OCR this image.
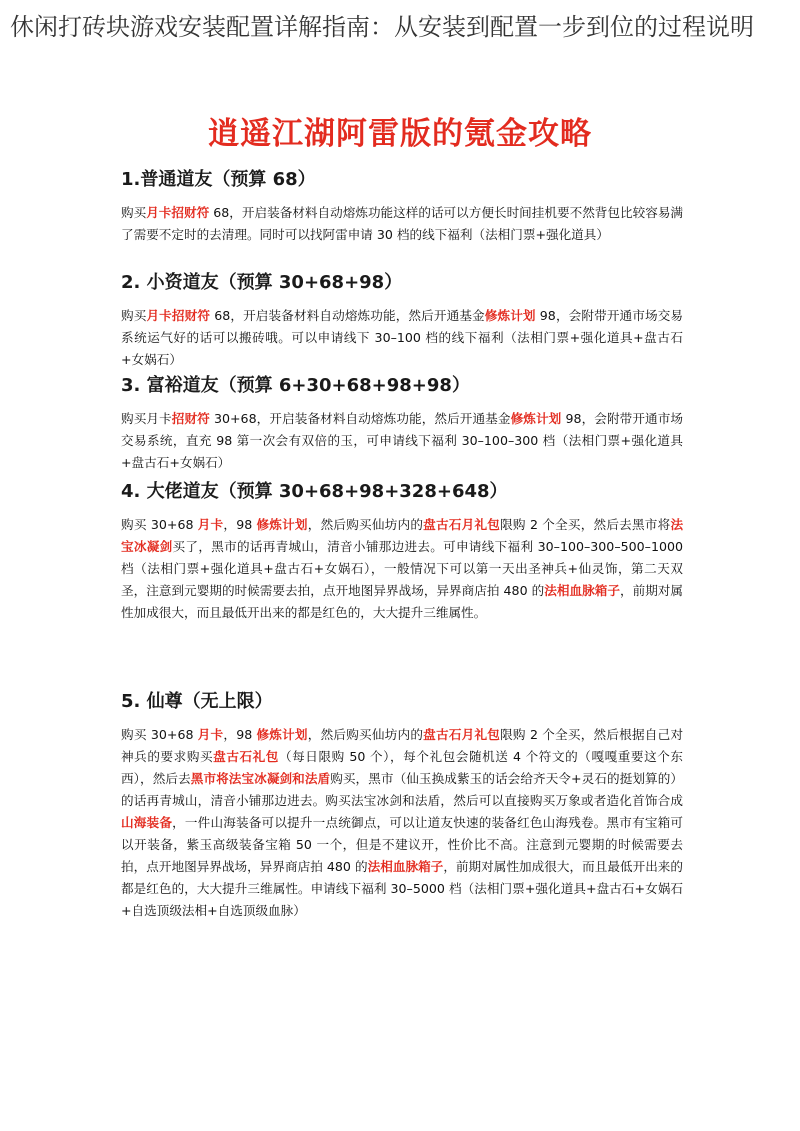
休闲打砖块游戏安装配置详解指南：从安装到配置一步到位的过程说明
逍遥江湖阿雷版的氪金攻略
1.普通道友（预算 68）

购买月卡招财符 68，开启装备材料自动熔炼功能这样的话可以方便长时间挂机要不然背包比较容易满了需要不定时的去清理。同时可以找阿雷申请 30 档的线下福利（法相门票+强化道具）

2. 小资道友（预算 30+68+98）

购买月卡招财符 68，开启装备材料自动熔炼功能，然后开通基金修炼计划 98，会附带开通市场交易系统运气好的话可以搬砖哦。可以申请线下 30–100 档的线下福利（法相门票+强化道具+盘古石+女娲石）

3. 富裕道友（预算 6+30+68+98+98）

购买月卡招财符 30+68，开启装备材料自动熔炼功能，然后开通基金修炼计划 98，会附带开通市场交易系统，直充 98 第一次会有双倍的玉，可申请线下福利 30–100–300 档（法相门票+强化道具+盘古石+女娲石）

4. 大佬道友（预算 30+68+98+328+648）

购买 30+68 月卡，98 修炼计划，然后购买仙坊内的盘古石月礼包限购 2 个全买，然后去黑市将法宝冰凝剑买了，黑市的话再青城山，清音小铺那边进去。可申请线下福利 30–100–300–500–1000档（法相门票+强化道具+盘古石+女娲石），一般情况下可以第一天出圣神兵+仙灵饰，第二天双圣，注意到元婴期的时候需要去拍，点开地图异界战场，异界商店拍 480 的法相血脉箱子，前期对属性加成很大，而且最低开出来的都是红色的，大大提升三维属性。

5. 仙尊（无上限）

购买 30+68 月卡，98 修炼计划，然后购买仙坊内的盘古石月礼包限购 2 个全买，然后根据自己对神兵的要求购买盘古石礼包（每日限购 50 个），每个礼包会随机送 4 个符文的（嘎嘎重要这个东西），然后去黑市将法宝冰凝剑和法盾购买，黑市（仙玉换成紫玉的话会给齐天令+灵石的挺划算的）的话再青城山，清音小铺那边进去。购买法宝冰剑和法盾，然后可以直接购买万象或者造化首饰合成山海装备，一件山海装备可以提升一点统御点，可以让道友快速的装备红色山海残卷。黑市有宝箱可以开装备，紫玉高级装备宝箱 50 一个，但是不建议开，性价比不高。注意到元婴期的时候需要去拍，点开地图异界战场，异界商店拍 480 的法相血脉箱子，前期对属性加成很大，而且最低开出来的都是红色的，大大提升三维属性。申请线下福利 30–5000 档（法相门票+强化道具+盘古石+女娲石+自选顶级法相+自选顶级血脉）
